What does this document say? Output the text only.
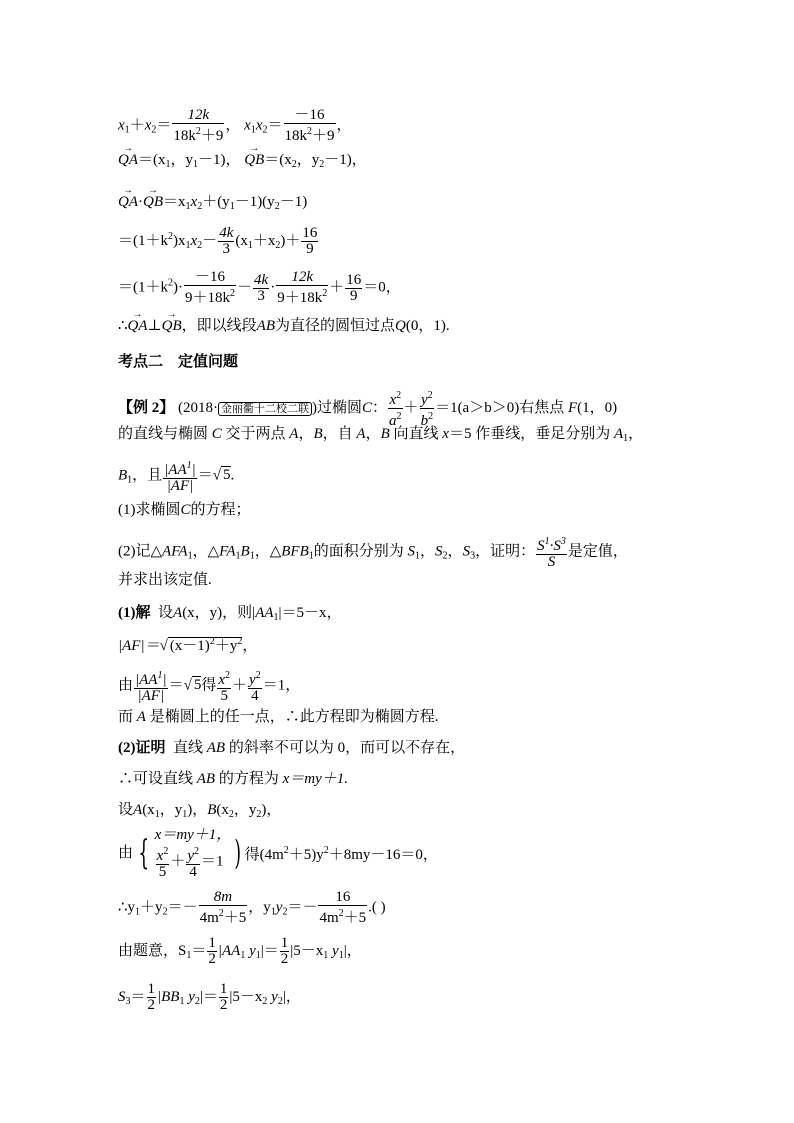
$x_1+x_2= \frac{12k}{18k^2+9}$ ， $x_1x_2= \frac{-16}{18k^2+9}$ ，
→ $QA=(x_1$，$y_1-1$)， → $QB=(x_2$，$y_2-1$)，
→ $QA\cdot\to QB=x_1x_2+(y_1-1)(y_2-1)$
$=(1+k^2)x_1x_2- \frac{4k}{3} (x_1+x_2)+ \frac{16}{9}$
$=(1+k^2)\cdot \frac{-16}{9+18k^2} - \frac{4k}{3} \cdot \frac{12k}{9+18k^2} + \frac{16}{9} =0$，
∴→ QA⊥→ QB，即以线段AB为直径的圆恒过点Q(0，1).
考点二　定值问题
【例 2】 (2018· 金丽衢十二校二联 )过椭圆C： $\frac{x^2}{a^2} + \frac{y^2}{b^2} =1(a>b>0)$右焦点 F(1，0)
的直线与椭圆 C 交于两点 A，B，自 A，B 向直线 x＝5 作垂线，垂足分别为 $A_1$，
$B_1$，且 $\frac{|AA^1|}{|AF|}$ ＝√ 5.
(1)求椭圆C的方程；
(2)记$\triangle AFA_1$，$\triangle FA_1B_1$，$\triangle BFB_1$的面积分别为 $S_1$，$S_2$，$S_3$，证明： $\frac{S^1\cdot S^3}{S}$ 是定值，
并求出该定值.
(1)解 设A(x，y)，则$|AA_1|=5-x$，
|AF|＝√ $(x-1)^2+y^2$，
由 $\frac{|AA^1|}{|AF|}$ ＝√ 5得 $\frac{x^2}{5} + \frac{y^2}{4} =1$，
而 A 是椭圆上的任一点，∴此方程即为椭圆方程.
(2)证明 直线 AB 的斜率不可以为 0，而可以不存在，
∴可设直线 AB 的方程为 x＝my＋1.
设$A(x_1$，$y_1$)，$B(x_2$，$y_2$)，
由 { x＝my＋1，
$\frac{x^2}{5} + \frac{y^2}{4} =1$ ) 得$(4m^2+5)y^2+8my-16=0$，
$\therefore y_1+y_2=- \frac{8m}{4m^2+5}$ ，$y_1y_2=- \frac{16}{4m^2+5}$ .( )
由题意，$S_1= \frac{1}{2} |AA_1$ $y_1|= \frac{1}{2} |5-x_1$ $y_1|$，
$S_3= \frac{1}{2} |BB_1$ $y_2|= \frac{1}{2} |5-x_2$ $y_2|$，
